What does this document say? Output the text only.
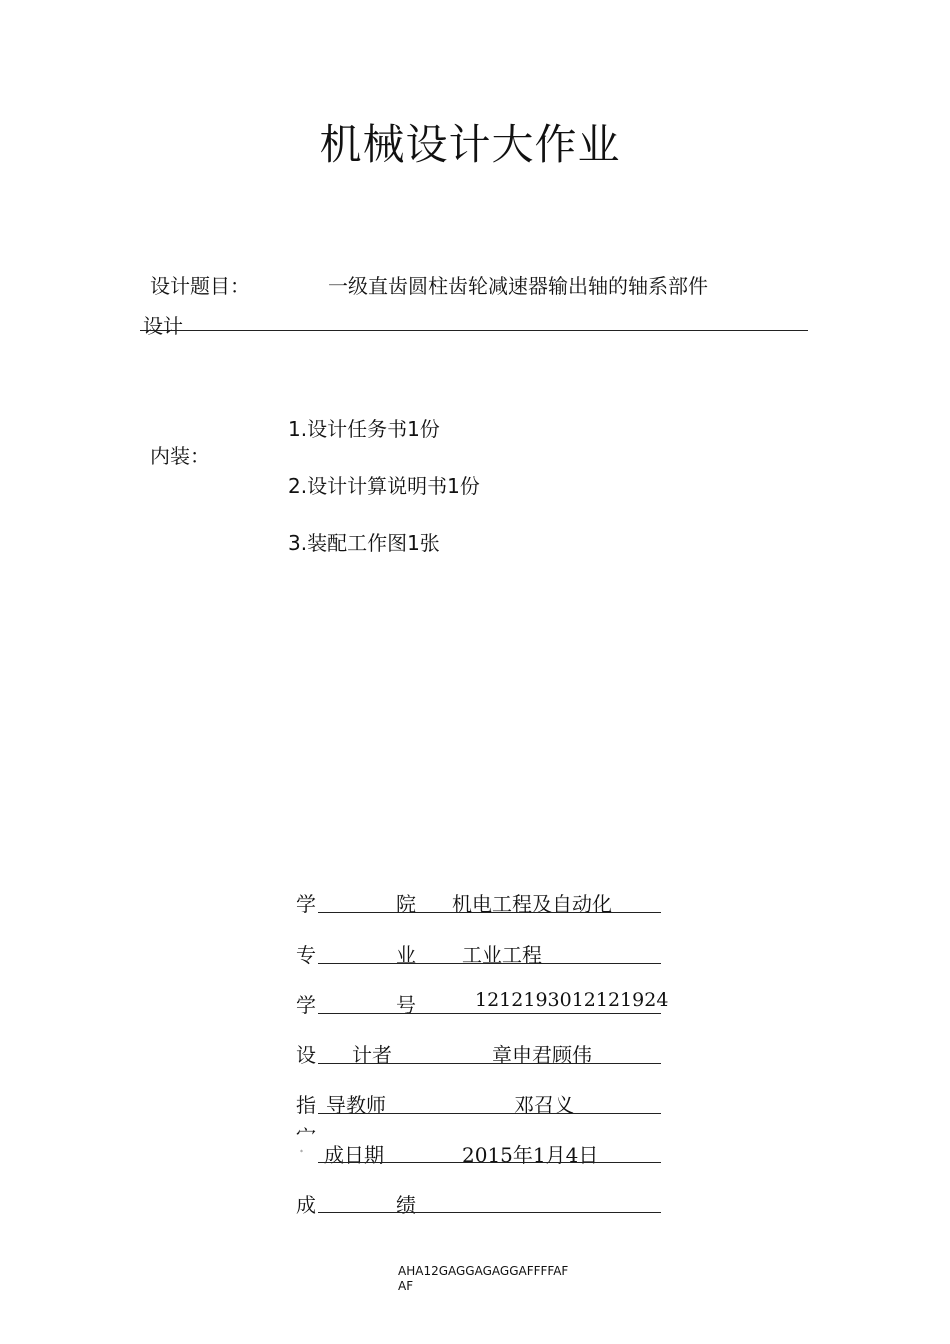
机械设计大作业
设计题目：	一级直齿圆柱齿轮减速器输出轴的轴系部件
设计
内装：
1.设计任务书1份
2.设计计算说明书1份
3.装配工作图1张
学	院 机电工程及自动化
专	业 工业工程
学	号	1212193012121924
设 计者	章申君顾伟
指 导教师	邓召义
宀
* 成日期	2015年1月4日
成	绩
AHA12GAGGAGAGGAFFFFAF
AF
